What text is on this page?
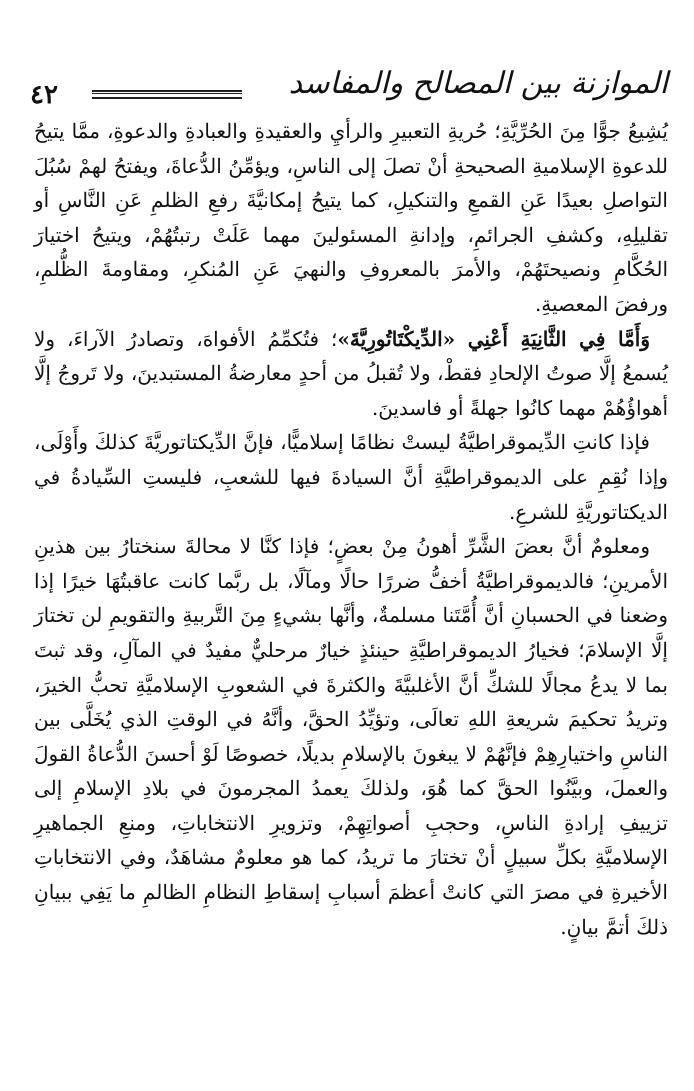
٤٢	الموازنة بين المصالح والمفاسد

يُشِيعُ جوًّا مِنَ الحُرِّيَّةِ؛ حُريةِ التعبيرِ والرأيِ والعقيدةِ والعبادةِ والدعوةِ، ممَّا يتيحُ للدعوةِ الإسلاميةِ الصحيحةِ أنْ تصلَ إلى الناسِ، ويؤمِّنُ الدُّعاةَ، ويفتحُ لهمْ سُبُلَ التواصلِ بعيدًا عَنِ القمعِ والتنكيلِ، كما يتيحُ إمكانيَّةَ رفعِ الظلمِ عَنِ النَّاسِ أو تقليلِهِ، وكشفِ الجرائمِ، وإدانةِ المسئولينَ مهما عَلَتْ رتبتُهُمْ، ويتيحُ اختيارَ الحُكَّامِ ونصيحتَهُمْ، والأمرَ بالمعروفِ والنهيَ عَنِ المُنكرِ، ومقاومةَ الظُّلمِ، ورفضَ المعصيةِ.

وَأَمَّا فِي الثَّانِيَةِ أَعْنِي «الدِّيكْتَاتُورِيَّةَ»؛ فتُكمِّمُ الأفواهَ، وتصادرُ الآراءَ، ولا يُسمعُ إلَّا صوتُ الإلحادِ فقطْ، ولا تُقبلُ من أحدٍ معارضةُ المستبدينَ، ولا تَروجُ إلَّا أهواؤُهُمْ مهما كانُوا جهلةً أو فاسدينَ.

فإذا كانتِ الدِّيموقراطيَّةُ ليستْ نظامًا إسلاميًّا، فإنَّ الدِّيكتاتوريَّةَ كذلكَ وأَوْلَى، وإذا نُقِمِ على الديموقراطيَّةِ أنَّ السيادةَ فيها للشعبِ، فليستِ السِّيادةُ في الديكتاتوريَّةِ للشرعِ.

ومعلومٌ أنَّ بعضَ الشَّرِّ أهونُ مِنْ بعضٍ؛ فإذا كنَّا لا محالةَ سنختارُ بين هذينِ الأمرينِ؛ فالديموقراطيَّةُ أخفُّ ضررًا حالًا ومآلًا، بل ربَّما كانت عاقبتُهَا خيرًا إذا وضعنا في الحسبانِ أنَّ أُمَّتَنا مسلمةٌ، وأنَّها بشيءٍ مِنَ التَّربيةِ والتقويمِ لن تختارَ إلَّا الإسلامَ؛ فخيارُ الديموقراطيَّةِ حينئذٍ خيارٌ مرحليٌّ مفيدٌ في المآلِ، وقد ثبتَ بما لا يدعُ مجالًا للشكِّ أنَّ الأغلبيَّةَ والكثرةَ في الشعوبِ الإسلاميَّةِ تحبُّ الخيرَ، وتريدُ تحكيمَ شريعةِ اللهِ تعالَى، وتؤيِّدُ الحقَّ، وأنَّهُ في الوقتِ الذي يُخَلَّى بين الناسِ واختيارِهِمْ فإنَّهُمْ لا يبغونَ بالإسلامِ بديلًا، خصوصًا لَوْ أحسنَ الدُّعاةُ القولَ والعملَ، وبيَّنُوا الحقَّ كما هُوَ، ولذلكَ يعمدُ المجرمونَ في بلادِ الإسلامِ إلى تزييفِ إرادةِ الناسِ، وحجبِ أصواتِهِمْ، وتزويرِ الانتخاباتِ، ومنعِ الجماهيرِ الإسلاميَّةِ بكلِّ سبيلٍ أنْ تختارَ ما تريدُ، كما هو معلومٌ مشاهَدٌ، وفي الانتخاباتِ الأخيرةِ في مصرَ التي كانتْ أعظمَ أسبابِ إسقاطِ النظامِ الظالمِ ما يَفِي ببيانِ ذلكَ أتمَّ بيانٍ.
